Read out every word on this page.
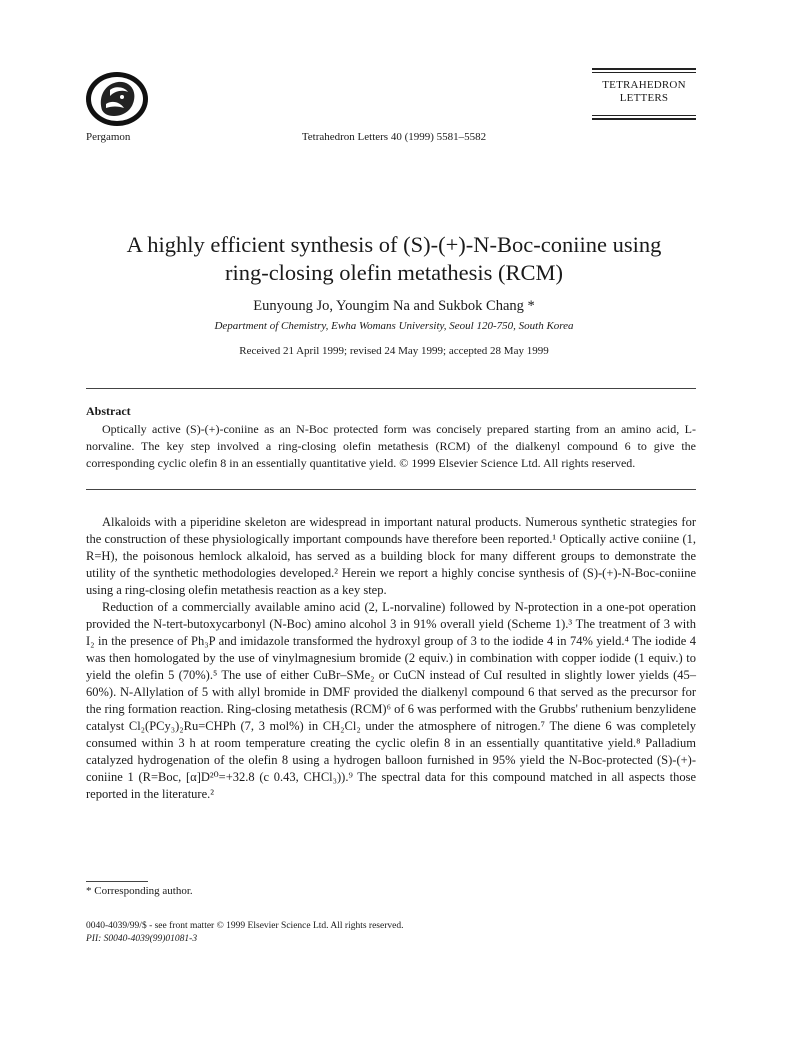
Pergamon	Tetrahedron Letters 40 (1999) 5581–5582
TETRAHEDRON
LETTERS
A highly efficient synthesis of (S)-(+)-N-Boc-coniine using
ring-closing olefin metathesis (RCM)
Eunyoung Jo, Youngim Na and Sukbok Chang *
Department of Chemistry, Ewha Womans University, Seoul 120-750, South Korea
Received 21 April 1999; revised 24 May 1999; accepted 28 May 1999
Abstract
Optically active (S)-(+)-coniine as an N-Boc protected form was concisely prepared starting from an amino acid, L-norvaline. The key step involved a ring-closing olefin metathesis (RCM) of the dialkenyl compound 6 to give the corresponding cyclic olefin 8 in an essentially quantitative yield. © 1999 Elsevier Science Ltd. All rights reserved.

Alkaloids with a piperidine skeleton are widespread in important natural products. Numerous synthetic strategies for the construction of these physiologically important compounds have therefore been reported.¹ Optically active coniine (1, R=H), the poisonous hemlock alkaloid, has served as a building block for many different groups to demonstrate the utility of the synthetic methodologies developed.² Herein we report a highly concise synthesis of (S)-(+)-N-Boc-coniine using a ring-closing olefin metathesis reaction as a key step.

Reduction of a commercially available amino acid (2, L-norvaline) followed by N-protection in a one-pot operation provided the N-tert-butoxycarbonyl (N-Boc) amino alcohol 3 in 91% overall yield (Scheme 1).³ The treatment of 3 with I₂ in the presence of Ph₃P and imidazole transformed the hydroxyl group of 3 to the iodide 4 in 74% yield.⁴ The iodide 4 was then homologated by the use of vinylmagnesium bromide (2 equiv.) in combination with copper iodide (1 equiv.) to yield the olefin 5 (70%).⁵ The use of either CuBr–SMe₂ or CuCN instead of CuI resulted in slightly lower yields (45–60%). N-Allylation of 5 with allyl bromide in DMF provided the dialkenyl compound 6 that served as the precursor for the ring formation reaction. Ring-closing metathesis (RCM)⁶ of 6 was performed with the Grubbs' ruthenium benzylidene catalyst Cl₂(PCy₃)₂Ru=CHPh (7, 3 mol%) in CH₂Cl₂ under the atmosphere of nitrogen.⁷ The diene 6 was completely consumed within 3 h at room temperature creating the cyclic olefin 8 in an essentially quantitative yield.⁸ Palladium catalyzed hydrogenation of the olefin 8 using a hydrogen balloon furnished in 95% yield the N-Boc-protected (S)-(+)-coniine 1 (R=Boc, [α]D²⁰=+32.8 (c 0.43, CHCl₃)).⁹ The spectral data for this compound matched in all aspects those reported in the literature.²

* Corresponding author.
0040-4039/99/$ - see front matter © 1999 Elsevier Science Ltd. All rights reserved.
PII: S0040-4039(99)01081-3
